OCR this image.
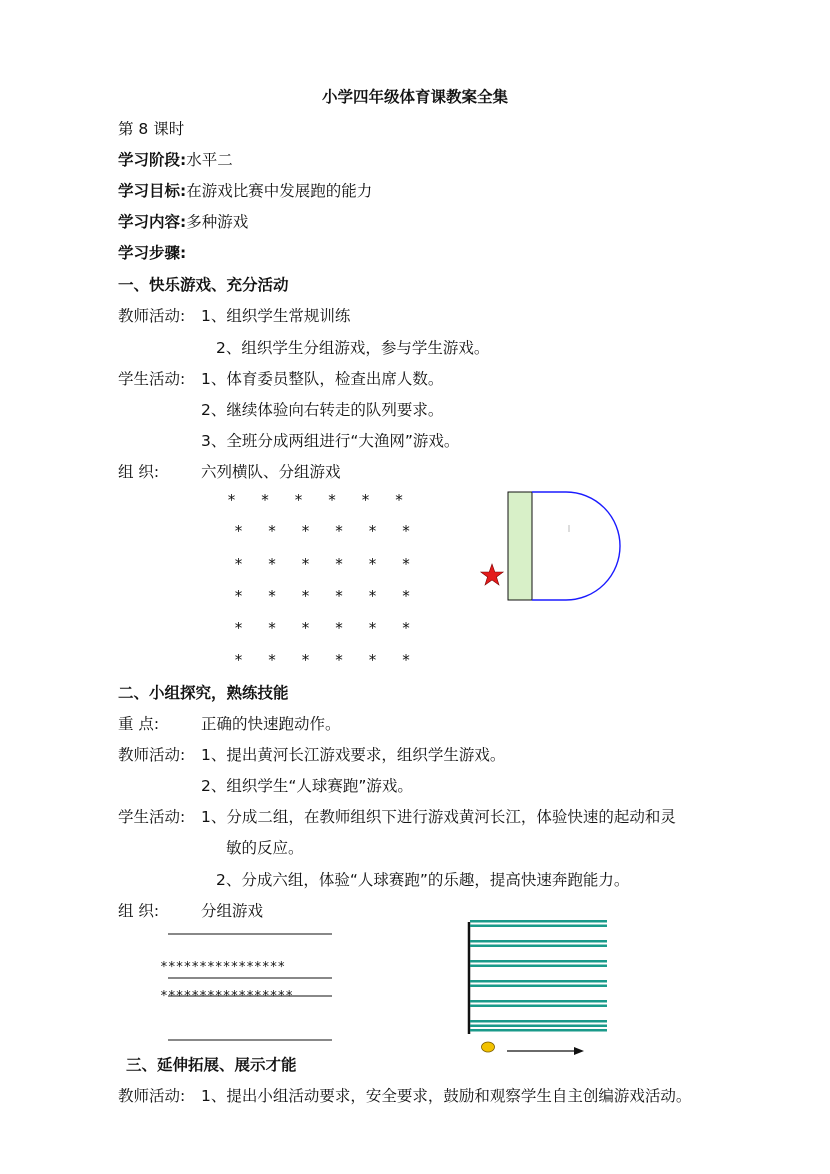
​
小学四年级体育课教案全集
第 8 课时
学习阶段:水平二
学习目标:在游戏比赛中发展跑的能力
学习内容:多种游戏
学习步骤:
一、快乐游戏、充分活动
教师活动: 1、组织学生常规训练
2、组织学生分组游戏，参与学生游戏。
学生活动: 1、体育委员整队，检查出席人数。
2、继续体验向右转走的队列要求。
3、全班分成两组进行“大渔网”游戏。
组 织:	六列横队、分组游戏
* * * * * *
* * * * * *
* * * * * *
* * * * * *
* * * * * *
* * * * * *
二、小组探究，熟练技能
重 点:	正确的快速跑动作。
教师活动: 1、提出黄河长江游戏要求，组织学生游戏。
2、组织学生“人球赛跑”游戏。
学生活动: 1、分成二组，在教师组织下进行游戏黄河长江，体验快速的起动和灵
敏的反应。
2、分成六组，体验“人球赛跑”的乐趣，提高快速奔跑能力。
组 织:	分组游戏
****************
*****************
三、延伸拓展、展示才能
教师活动: 1、提出小组活动要求，安全要求，鼓励和观察学生自主创编游戏活动。
